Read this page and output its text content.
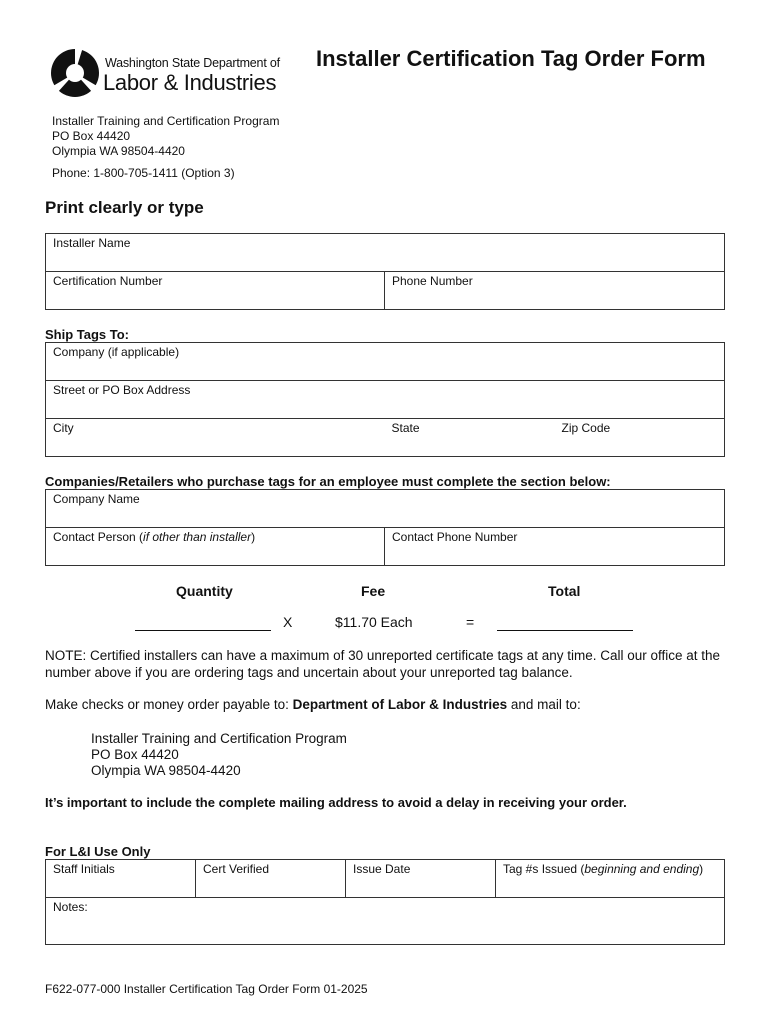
Washington State Department of
Labor & Industries
Installer Certification Tag Order Form
Installer Training and Certification Program
PO Box 44420
Olympia WA 98504-4420
Phone: 1-800-705-1411 (Option 3)
Print clearly or type
Installer Name
Certification Number	Phone Number
Ship Tags To:
Company (if applicable)
Street or PO Box Address
City	State	Zip Code
Companies/Retailers who purchase tags for an employee must complete the section below:
Company Name
Contact Person (if other than installer)	Contact Phone Number
Quantity	Fee	Total
X	$11.70 Each	=
NOTE: Certified installers can have a maximum of 30 unreported certificate tags at any time. Call our office at the number above if you are ordering tags and uncertain about your unreported tag balance.
Make checks or money order payable to: Department of Labor & Industries and mail to:
Installer Training and Certification Program
PO Box 44420
Olympia WA 98504-4420
It’s important to include the complete mailing address to avoid a delay in receiving your order.
For L&I Use Only
Staff Initials	Cert Verified	Issue Date	Tag #s Issued (beginning and ending)
Notes:
F622-077-000 Installer Certification Tag Order Form 01-2025
